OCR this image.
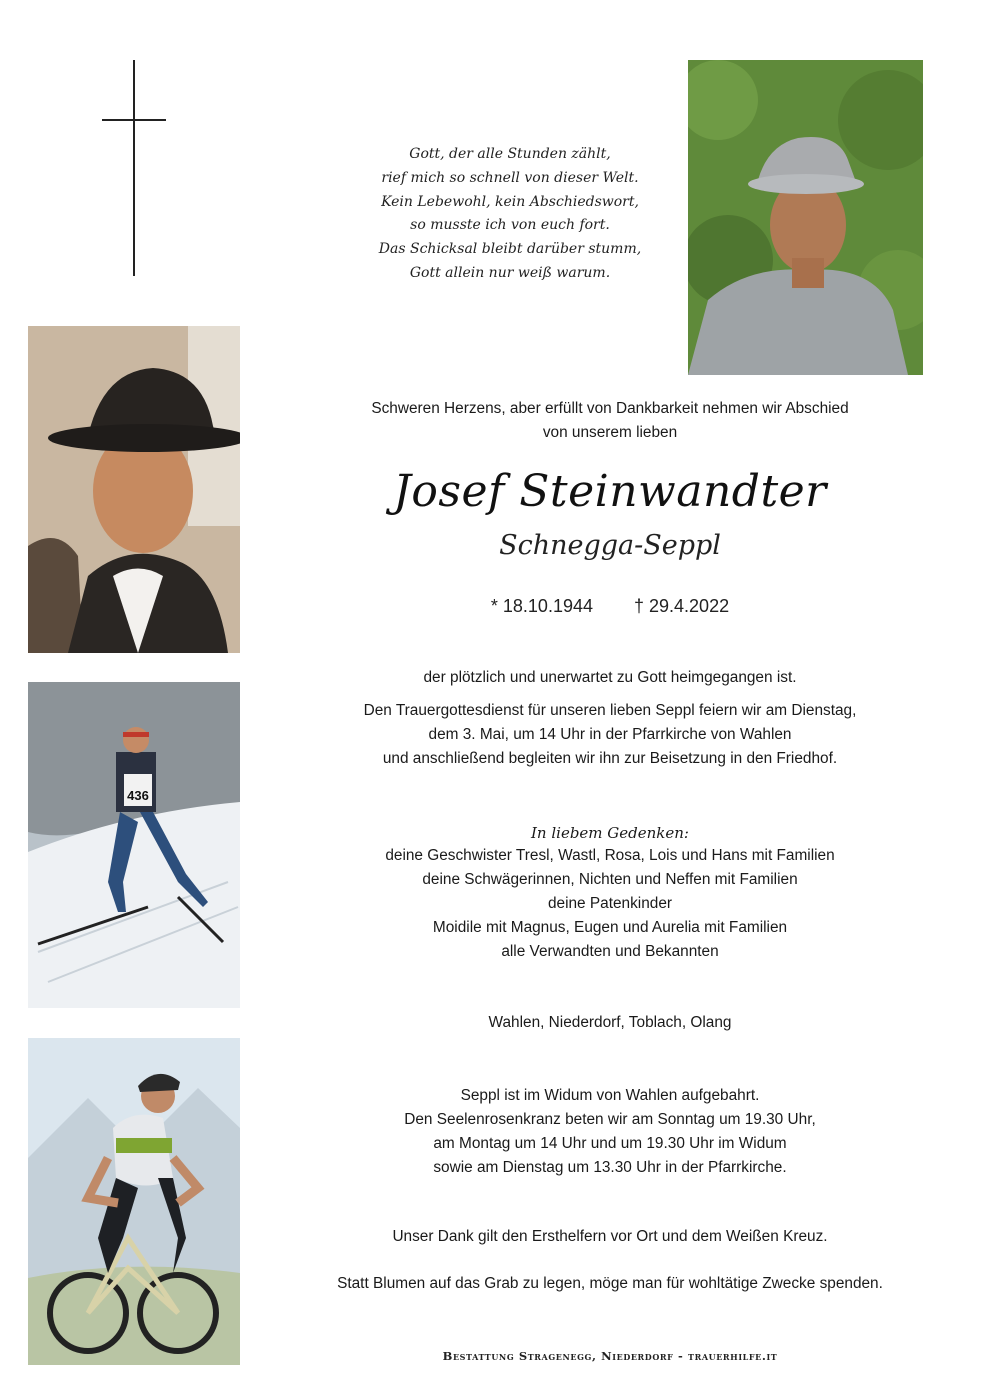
Gott, der alle Stunden zählt,
rief mich so schnell von dieser Welt.
Kein Lebewohl, kein Abschiedswort,
so musste ich von euch fort.
Das Schicksal bleibt darüber stumm,
Gott allein nur weiß warum.
436
Schweren Herzens, aber erfüllt von Dankbarkeit nehmen wir Abschied
von unserem lieben
Josef Steinwandter
Schnegga-Seppl
* 18.10.1944 † 29.4.2022
der plötzlich und unerwartet zu Gott heimgegangen ist.
Den Trauergottesdienst für unseren lieben Seppl feiern wir am Dienstag,
dem 3. Mai, um 14 Uhr in der Pfarrkirche von Wahlen
und anschließend begleiten wir ihn zur Beisetzung in den Friedhof.
In liebem Gedenken:
deine Geschwister Tresl, Wastl, Rosa, Lois und Hans mit Familien
deine Schwägerinnen, Nichten und Neffen mit Familien
deine Patenkinder
Moidile mit Magnus, Eugen und Aurelia mit Familien
alle Verwandten und Bekannten
Wahlen, Niederdorf, Toblach, Olang
Seppl ist im Widum von Wahlen aufgebahrt.
Den Seelenrosenkranz beten wir am Sonntag um 19.30 Uhr,
am Montag um 14 Uhr und um 19.30 Uhr im Widum
sowie am Dienstag um 13.30 Uhr in der Pfarrkirche.
Unser Dank gilt den Ersthelfern vor Ort und dem Weißen Kreuz.
Statt Blumen auf das Grab zu legen, möge man für wohltätige Zwecke spenden.
Bestattung Stragenegg, Niederdorf - trauerhilfe.it
